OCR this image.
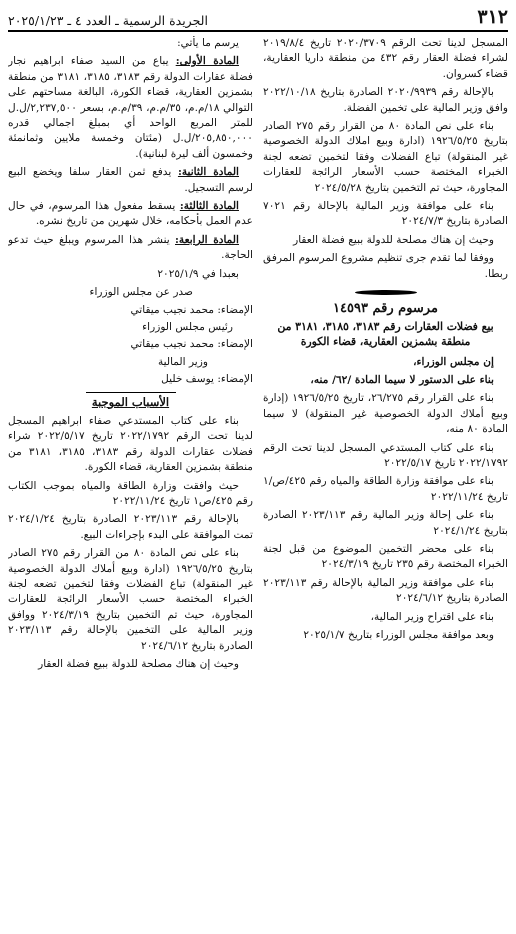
٣١٢
الجريدة الرسمية ـ العدد ٤ ـ ٢٠٢٥/١/٢٣

المسجل لدينا تحت الرقم ٢٠٢٠/٣٧٠٩ تاريخ ٢٠١٩/٨/٤ لشراء فضلة العقار رقم ٤٣٢ من منطقة داريا العقارية، قضاء كسروان.

بالإحالة رقم ٢٠٢٠/٩٩٣٩ الصادرة بتاريخ ٢٠٢٢/١٠/١٨ وافق وزير المالية على تخمين الفضلة.

بناء على نص المادة ٨٠ من القرار رقم ٢٧٥ الصادر بتاريخ ١٩٢٦/٥/٢٥ (ادارة وبيع املاك الدولة الخصوصية غير المنقولة) تباع الفضلات وفقا لتخمين تضعه لجنة الخبراء المختصة حسب الأسعار الرائجة للعقارات المجاورة، حيث تم التخمين بتاريخ ٢٠٢٤/٥/٢٨

بناء على موافقة وزير المالية بالإحالة رقم ٧٠٢١ الصادرة بتاريخ ٢٠٢٤/٧/٣

وحيث إن هناك مصلحة للدولة ببيع فضلة العقار

ووفقا لما تقدم جرى تنظيم مشروع المرسوم المرفق ربطا.

مرسوم رقم ١٤٥٩٣
بيع فضلات العقارات رقم ٣١٨٣، ٣١٨٥، ٣١٨١ من منطقة بشمزين العقارية، قضاء الكورة

إن مجلس الوزراء،

بناء على الدستور لا سيما المادة /٦٢/ منه،

بناء على القرار رقم ٢٦/٢٧٥، تاريخ ١٩٢٦/٥/٢٥ (إدارة وبيع أملاك الدولة الخصوصية غير المنقولة) لا سيما المادة ٨٠ منه،

بناء على كتاب المستدعي المسجل لدينا تحت الرقم ٢٠٢٢/١٧٩٢ تاريخ ٢٠٢٢/٥/١٧

بناء على موافقة وزارة الطاقة والمياه رقم ٤٢٥/ص/١ تاريخ ٢٠٢٢/١١/٢٤

بناء على إحالة وزير المالية رقم ٢٠٢٣/١١٣ الصادرة بتاريخ ٢٠٢٤/١/٢٤

بناء على محضر التخمين الموضوع من قبل لجنة الخبراء المختصة رقم ٢٣٥ تاريخ ٢٠٢٤/٣/١٩

بناء على موافقة وزير المالية بالإحالة رقم ٢٠٢٣/١١٣ الصادرة بتاريخ ٢٠٢٤/٦/١٢

بناء على اقتراح وزير المالية،

وبعد موافقة مجلس الوزراء بتاريخ ٢٠٢٥/١/٧

يرسم ما يأتي:

المادة الأولى: يباع من السيد صفاء ابراهيم نجار فضلة عقارات الدولة رقم ٣١٨٣، ٣١٨٥، ٣١٨١ من منطقة بشمزين العقارية، قضاء الكورة، البالغة مساحتهم على التوالي ١٨/م.م، ٣٥/م.م، ٣٩/م.م، بسعر ٢,٢٣٧,٥٠٠/ل.ل للمتر المربع الواحد أي بمبلغ اجمالي قدره ٢٠٥,٨٥٠,٠٠٠/ل.ل (مئتان وخمسة ملايين وثمانمئة وخمسون ألف ليرة لبنانية).

المادة الثانية: يدفع ثمن العقار سلفا ويخضع البيع لرسم التسجيل.

المادة الثالثة: يسقط مفعول هذا المرسوم، في حال عدم العمل بأحكامه، خلال شهرين من تاريخ نشره.

المادة الرابعة: ينشر هذا المرسوم ويبلغ حيث تدعو الحاجة.

بعبدا في ٢٠٢٥/١/٩

صدر عن مجلس الوزراء

الإمضاء: محمد نجيب ميقاتي

رئيس مجلس الوزراء

الإمضاء: محمد نجيب ميقاتي

وزير المالية

الإمضاء: يوسف خليل

الأسباب الموجبة

بناء على كتاب المستدعي صفاء ابراهيم المسجل لدينا تحت الرقم ٢٠٢٢/١٧٩٢ تاريخ ٢٠٢٢/٥/١٧ شراء فضلات عقارات الدولة رقم ٣١٨٣، ٣١٨٥، ٣١٨١ من منطقة بشمزين العقارية، قضاء الكورة.

حيث وافقت وزارة الطاقة والمياه بموجب الكتاب رقم ٤٢٥/ص١ تاريخ ٢٠٢٢/١١/٢٤

بالإحالة رقم ٢٠٢٣/١١٣ الصادرة بتاريخ ٢٠٢٤/١/٢٤ تمت الموافقة على البدء بإجراءات البيع.

بناء على نص المادة ٨٠ من القرار رقم ٢٧٥ الصادر بتاريخ ١٩٢٦/٥/٢٥ (ادارة وبيع أملاك الدولة الخصوصية غير المنقولة) تباع الفضلات وفقا لتخمين تضعه لجنة الخبراء المختصة حسب الأسعار الرائجة للعقارات المجاورة، حيث تم التخمين بتاريخ ٢٠٢٤/٣/١٩ ووافق وزير المالية على التخمين بالإحالة رقم ٢٠٢٣/١١٣ الصادرة بتاريخ ٢٠٢٤/٦/١٢

وحيث إن هناك مصلحة للدولة ببيع فضلة العقار
